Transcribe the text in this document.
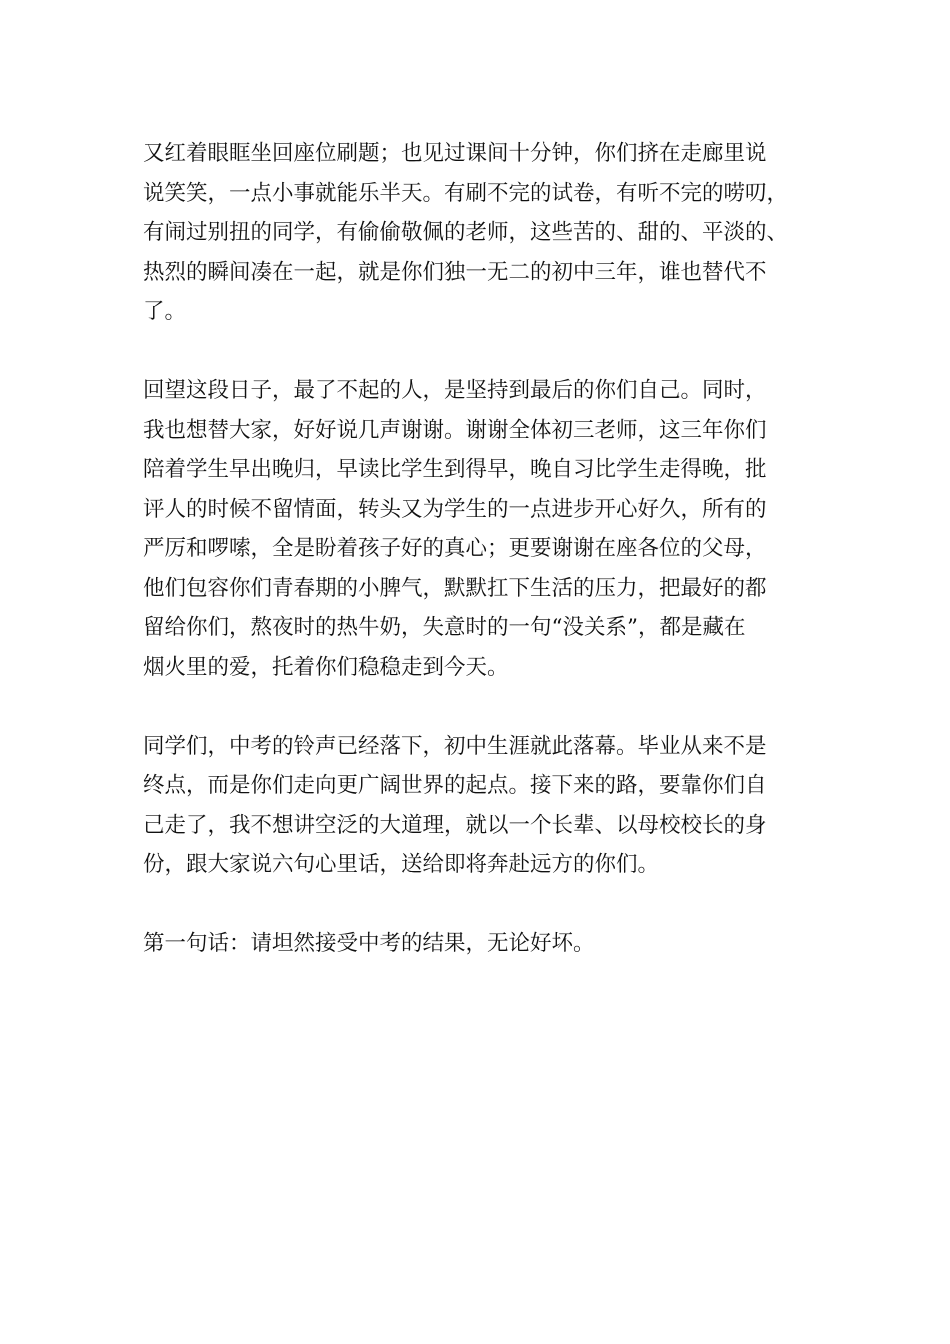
又红着眼眶坐回座位刷题；也见过课间十分钟，你们挤在走廊里说
说笑笑，一点小事就能乐半天。有刷不完的试卷，有听不完的唠叨，
有闹过别扭的同学，有偷偷敬佩的老师，这些苦的、甜的、平淡的、
热烈的瞬间凑在一起，就是你们独一无二的初中三年，谁也替代不
了。

回望这段日子，最了不起的人，是坚持到最后的你们自己。同时，
我也想替大家，好好说几声谢谢。谢谢全体初三老师，这三年你们
陪着学生早出晚归，早读比学生到得早，晚自习比学生走得晚，批
评人的时候不留情面，转头又为学生的一点进步开心好久，所有的
严厉和啰嗦，全是盼着孩子好的真心；更要谢谢在座各位的父母，
他们包容你们青春期的小脾气，默默扛下生活的压力，把最好的都
留给你们，熬夜时的热牛奶，失意时的一句“没关系”，都是藏在
烟火里的爱，托着你们稳稳走到今天。

同学们，中考的铃声已经落下，初中生涯就此落幕。毕业从来不是
终点，而是你们走向更广阔世界的起点。接下来的路，要靠你们自
己走了，我不想讲空泛的大道理，就以一个长辈、以母校校长的身
份，跟大家说六句心里话，送给即将奔赴远方的你们。

第一句话：请坦然接受中考的结果，无论好坏。
